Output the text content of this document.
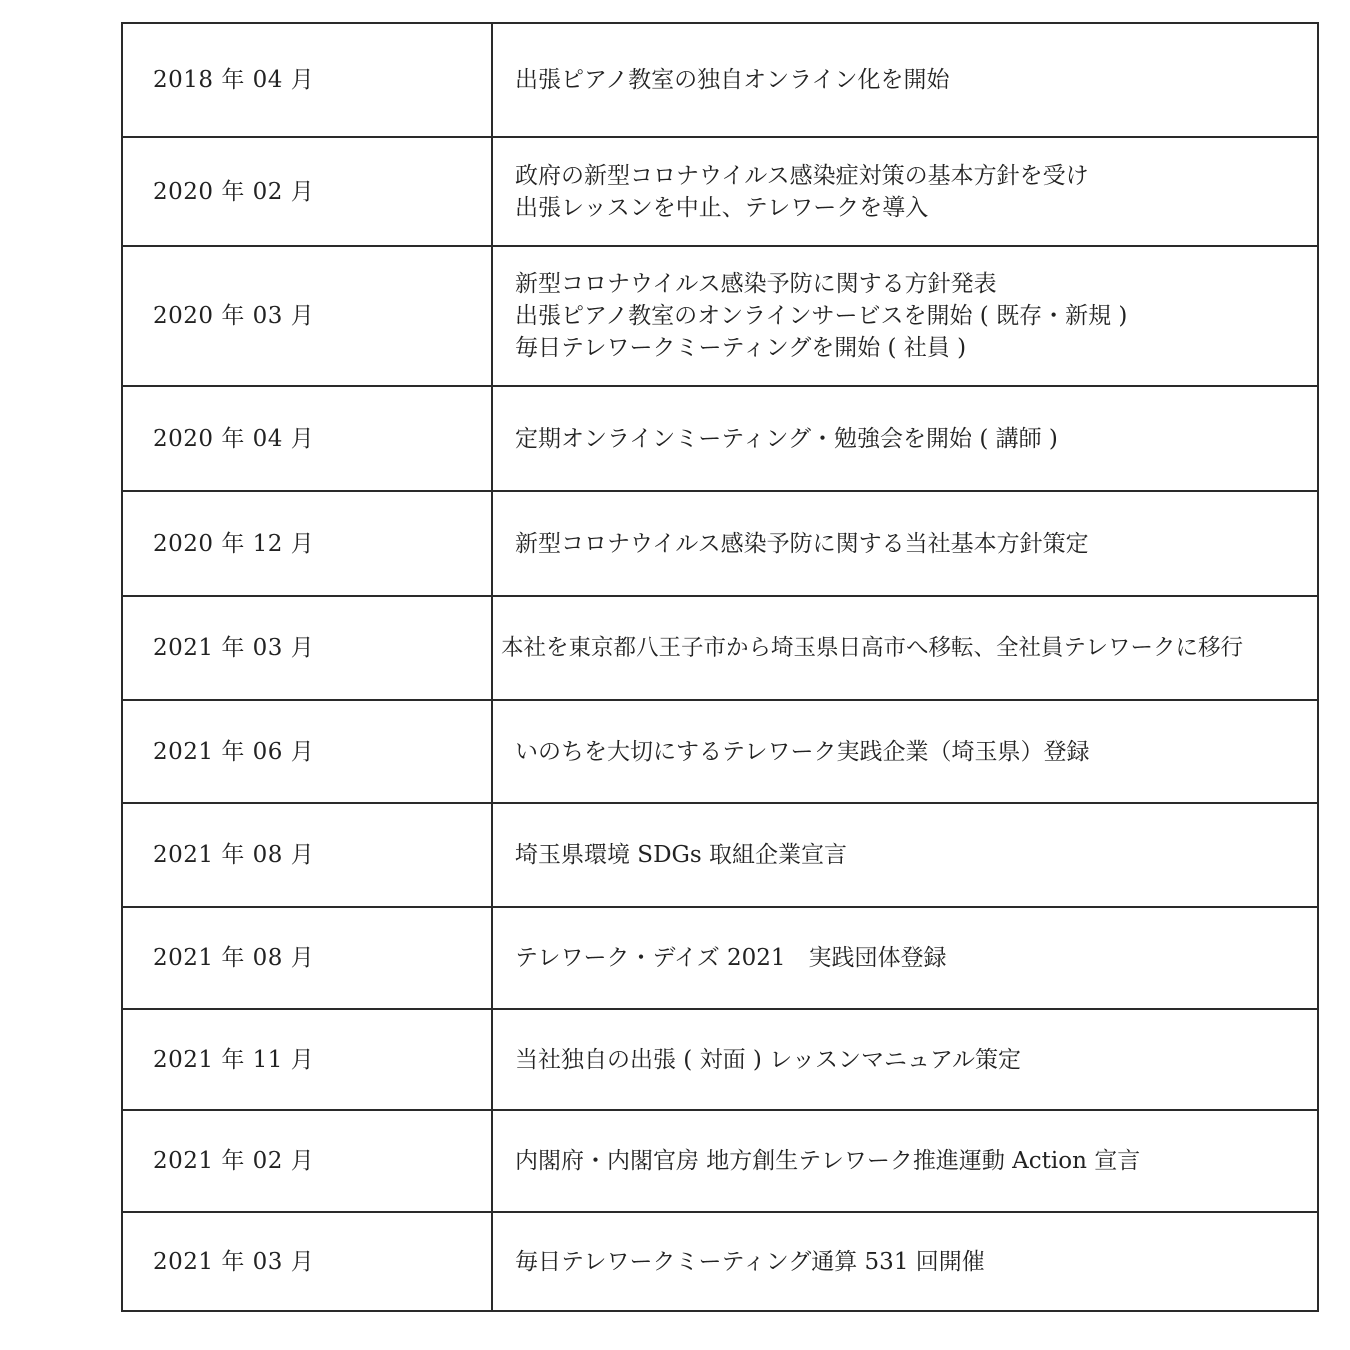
2018 年 04 月	出張ピアノ教室の独自オンライン化を開始

2020 年 02 月	政府の新型コロナウイルス感染症対策の基本方針を受け
出張レッスンを中止、テレワークを導入

2020 年 03 月	新型コロナウイルス感染予防に関する方針発表
出張ピアノ教室のオンラインサービスを開始 ( 既存・新規 )
毎日テレワークミーティングを開始 ( 社員 )

2020 年 04 月	定期オンラインミーティング・勉強会を開始 ( 講師 )

2020 年 12 月	新型コロナウイルス感染予防に関する当社基本方針策定

2021 年 03 月	本社を東京都八王子市から埼玉県日高市へ移転、全社員テレワークに移行

2021 年 06 月	いのちを大切にするテレワーク実践企業（埼玉県）登録

2021 年 08 月	埼玉県環境 SDGs 取組企業宣言

2021 年 08 月	テレワーク・デイズ 2021　実践団体登録

2021 年 11 月	当社独自の出張 ( 対面 ) レッスンマニュアル策定

2021 年 02 月	内閣府・内閣官房 地方創生テレワーク推進運動 Action 宣言

2021 年 03 月	毎日テレワークミーティング通算 531 回開催
